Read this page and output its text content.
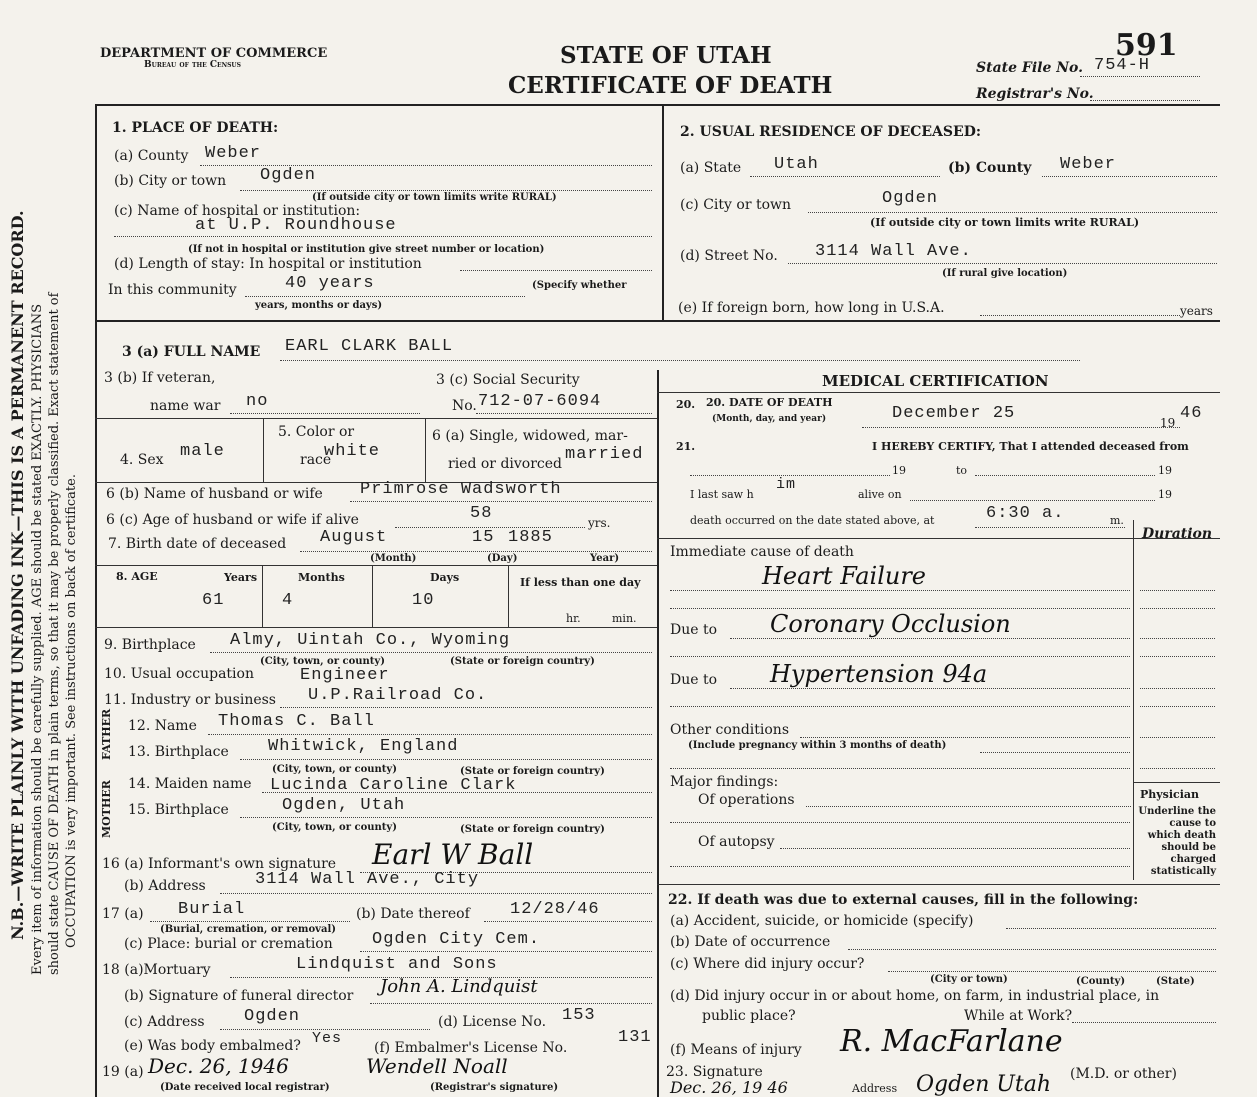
DEPARTMENT OF COMMERCE
Bureau of the Census	STATE OF UTAH
CERTIFICATE OF DEATH
591
State File No. 754-H
Registrar's No.
N.B.—WRITE PLAINLY WITH UNFADING INK—THIS IS A PERMANENT RECORD. Every item of information should be carefully supplied. AGE should be stated EXACTLY. PHYSICIANS should state CAUSE OF DEATH in plain terms, so that it may be properly classified. Exact statement of OCCUPATION is very important. See instructions on back of certificate.
1. PLACE OF DEATH:
(a) County Weber
(b) City or town Ogden
(If outside city or town limits write RURAL)
(c) Name of hospital or institution:
at U.P. Roundhouse
(If not in hospital or institution give street number or location)
(d) Length of stay: In hospital or institution
In this community	40 years	(Specify whether
years, months or days)
2. USUAL RESIDENCE OF DECEASED:
(a) State Utah	(b) County Weber
(c) City or town	Ogden
(If outside city or town limits write RURAL)
(d) Street No. 3114 Wall Ave.
(If rural give location)
(e) If foreign born, how long in U.S.A.	years
3 (a) FULL NAME EARL CLARK BALL
3 (b) If veteran,
name war no
3 (c) Social Security
No. 712-07-6094
4. Sex male
5. Color or
race
white
6 (a) Single, widowed, mar-
ried or divorced married
6 (b) Name of husband or wife Primrose Wadsworth
6 (c) Age of husband or wife if alive	58	yrs.
7. Birth date of deceased August	15 1885
(Month)	(Day)	Year)
8. AGE	Years	Months	Days	If less than one day
61	4	10
hr.	min.
9. Birthplace Almy, Uintah Co., Wyoming
(City, town, or county)	(State or foreign country)
10. Usual occupation	Engineer
11. Industry or business U.P.Railroad Co.
FATHER
MOTHER
12. Name Thomas C. Ball
13. Birthplace Whitwick, England
(City, town, or county)	(State or foreign country)
14. Maiden name Lucinda Caroline Clark
15. Birthplace	Ogden, Utah
(City, town, or county)	(State or foreign country)
16 (a) Informant's own signature Earl W Ball
(b) Address	3114 Wall Ave., City
17 (a) Burial
(Burial, cremation, or removal)
(b) Date thereof 12/28/46
(c) Place: burial or cremation Ogden City Cem.
18 (a)Mortuary	Lindquist and Sons
(b) Signature of funeral director John A. Lindquist
(c) Address Ogden	(d) License No. 153
(e) Was body embalmed? Yes
(f) Embalmer's License No.
131
19 (a) Dec. 26, 1946	Wendell Noall
(Date received local registrar)	(Registrar's signature)
MEDICAL CERTIFICATION
20. DATE OF DEATH
(Month, day, and year)
20.	December 25	19 46
21.	I HEREBY CERTIFY, That I attended deceased from
19	to	19
I last saw h
im
alive on	19
death occurred on the date stated above, at	6:30 a.	m.
Duration
Immediate cause of death
Heart Failure
Due to Coronary Occlusion
Due to Hypertension 94a
Other conditions
(Include pregnancy within 3 months of death)
Major findings:
Of operations
Of autopsy
Physician
Underline the cause to which death should be charged statistically
22. If death was due to external causes, fill in the following:
(a) Accident, suicide, or homicide (specify)
(b) Date of occurrence
(c) Where did injury occur?
(City or town)	(County)	(State)
(d) Did injury occur in or about home, on farm, in industrial place, in
public place?	While at Work?
(f) Means of injury R. MacFarlane
23. Signature	(M.D. or other)
Dec. 26, 19 46	Address Ogden Utah
